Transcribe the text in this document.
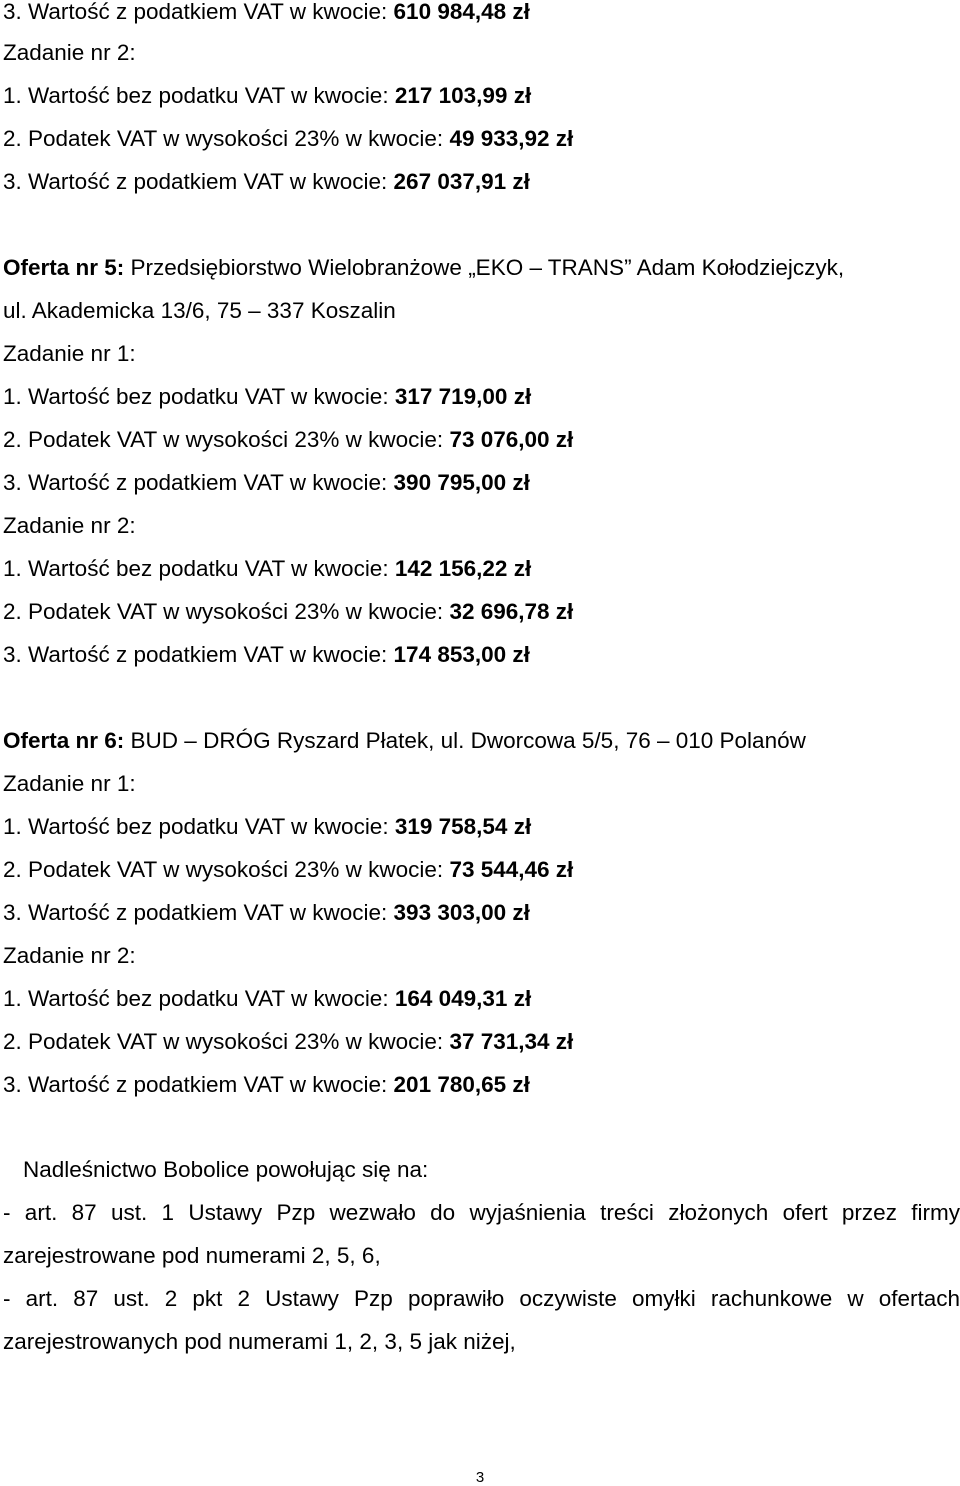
3. Wartość z podatkiem VAT w kwocie: 610 984,48 zł
Zadanie nr 2:
1. Wartość bez podatku VAT w kwocie: 217 103,99 zł
2. Podatek VAT w wysokości 23% w kwocie: 49 933,92 zł
3. Wartość z podatkiem VAT w kwocie: 267 037,91 zł
Oferta nr 5: Przedsiębiorstwo Wielobranżowe „EKO – TRANS” Adam Kołodziejczyk,
ul. Akademicka 13/6, 75 – 337 Koszalin
Zadanie nr 1:
1. Wartość bez podatku VAT w kwocie: 317 719,00 zł
2. Podatek VAT w wysokości 23% w kwocie: 73 076,00 zł
3. Wartość z podatkiem VAT w kwocie: 390 795,00 zł
Zadanie nr 2:
1. Wartość bez podatku VAT w kwocie: 142 156,22 zł
2. Podatek VAT w wysokości 23% w kwocie: 32 696,78 zł
3. Wartość z podatkiem VAT w kwocie: 174 853,00 zł
Oferta nr 6: BUD – DRÓG Ryszard Płatek, ul. Dworcowa 5/5, 76 – 010 Polanów
Zadanie nr 1:
1. Wartość bez podatku VAT w kwocie: 319 758,54 zł
2. Podatek VAT w wysokości 23% w kwocie: 73 544,46 zł
3. Wartość z podatkiem VAT w kwocie: 393 303,00 zł
Zadanie nr 2:
1. Wartość bez podatku VAT w kwocie: 164 049,31 zł
2. Podatek VAT w wysokości 23% w kwocie: 37 731,34 zł
3. Wartość z podatkiem VAT w kwocie: 201 780,65 zł
Nadleśnictwo Bobolice powołując się na:
- art. 87 ust. 1 Ustawy Pzp wezwało do wyjaśnienia treści złożonych ofert przez firmy
zarejestrowane pod numerami 2, 5, 6,
- art. 87 ust. 2 pkt 2 Ustawy Pzp poprawiło oczywiste omyłki rachunkowe w ofertach
zarejestrowanych pod numerami 1, 2, 3, 5 jak niżej,
3
